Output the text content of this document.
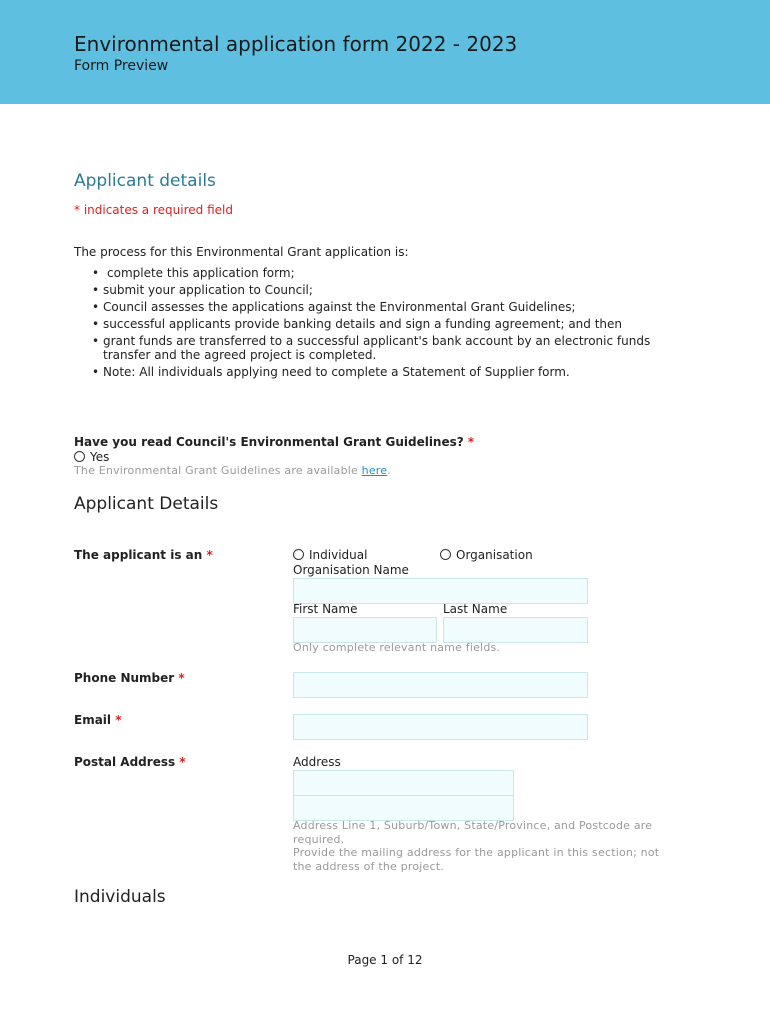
Environmental application form 2022 - 2023
Form Preview
Applicant details
* indicates a required field
The process for this Environmental Grant application is:
• complete this application form;
• submit your application to Council;
• Council assesses the applications against the Environmental Grant Guidelines;
• successful applicants provide banking details and sign a funding agreement; and then
• grant funds are transferred to a successful applicant's bank account by an electronic funds transfer and the agreed project is completed.
• Note: All individuals applying need to complete a Statement of Supplier form.
Have you read Council's Environmental Grant Guidelines? *
Yes
The Environmental Grant Guidelines are available here.
Applicant Details
The applicant is an *	Individual	Organisation
Organisation Name
First Name	Last Name
Only complete relevant name fields.
Phone Number *
Email *
Postal Address *	Address
Address Line 1, Suburb/Town, State/Province, and Postcode are
required.
Provide the mailing address for the applicant in this section; not
the address of the project.
Individuals
Page 1 of 12
